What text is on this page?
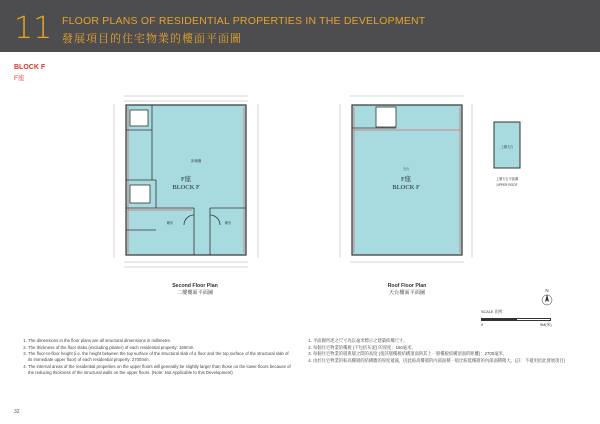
11 FLOOR PLANS OF RESIDENTIAL PROPERTIES IN THE DEVELOPMENT
發展項目的住宅物業的樓面平面圖
BLOCK F
F座
客/飯廳
睡房	睡房
F座
BLOCK F
天台
F座
BLOCK F
上層天台
上層天台平面圖
UPPER ROOF
Second Floor Plan
二樓樓面平面圖
Roof Floor Plan
天台樓面平面圖	N
SCALE 比例：
0	5M(米)
1. The dimensions in the floor plans are all structural dimensions in millimetre.
2. The thickness of the floor slabs (excluding plaster) of each residential property: 160mm.
3. The floor-to-floor height (i.e. the height between the top surface of the structural slab of a floor and the top surface of the structural slab of its immediate upper floor) of each residential property: 2700mm.
4. The internal areas of the residential properties on the upper floors will generally be slightly larger than those on the lower floors because of the reducing thickness of the structural walls on the upper floors. (Note: Not Applicable to this Development)
1. 平面圖所述之尺寸為以毫米標示之建築結構尺寸。
2. 每個住宅物業的樓板 (不包括灰泥) 的厚度：160毫米。
3. 每個住宅物業的層與層之間的高度 (指該層樓板結構頂面與其上一層樓板結構頂面的距離)：2700毫米。
4. 由於住宅物業的較高樓層的結構牆的厚度遞減，因此較高樓層的內部面積一般比較低樓層的內部面積稍大。(註：不適用於此發展項目)
32
